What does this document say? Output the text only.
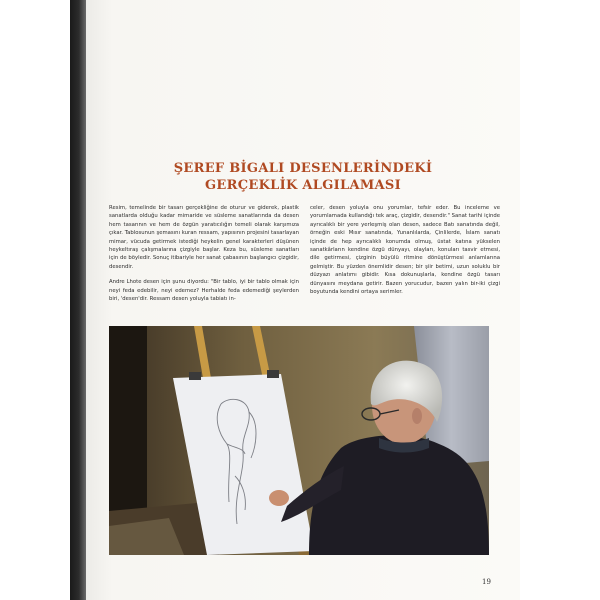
ŞEREF BİGALI DESENLERİNDEKİ
GERÇEKLİK ALGILAMASI

Resim, temelinde bir tasarı gerçekliğine de oturur ve giderek, plastik sanatlarda olduğu kadar mimaride ve süsleme sanatlarında da desen hem tasarının ve hem de özgün yaratıcılığın temeli olarak karşımıza çıkar. Tablosunun şemasını kuran ressam, yapısının projesini tasarlayan mimar, vücuda getirmek istediği heykelin genel karakterleri düşünen heykeltıraş çalışmalarına çizgiyle başlar. Keza bu, süsleme sanatları için de böyledir. Sonuç itibariyle her sanat çabasının başlangıcı çizgidir, desendir.

Andre Lhote desen için şunu diyordu: "Bir tablo, iyi bir tablo olmak için neyi feda edebilir, neyi edemez? Herhalde feda edemediği şeylerden biri, 'desen'dir. Ressam desen yoluyla tabiatı in-

celer, desen yoluyla onu yorumlar, tefsir eder. Bu inceleme ve yorumlamada kullandığı tek araç, çizgidir, desendir." Sanat tarihi içinde ayrıcalıklı bir yere yerleşmiş olan desen, sadece Batı sanatında değil, örneğin eski Mısır sanatında, Yunanlılarda, Çinlilerde, İslam sanatı içinde de hep ayrıcalıklı konumda olmuş, üstat katına yükselen sanatkârların kendine özgü dünyayı, olayları, konuları tasvir etmesi, dile getirmesi, çizginin büyülü ritmine dönüştürmesi anlamlarına gelmiştir. Bu yüzden önemlidir desen; bir şiir betimi, uzun soluklu bir düzyazı anlatımı gibidir. Kısa dokunuşlarla, kendine özgü tasarı dünyasını meydana getirir. Bazen yorucudur, bazen yalın bir-iki çizgi boyutunda kendini ortaya serimler.

19
